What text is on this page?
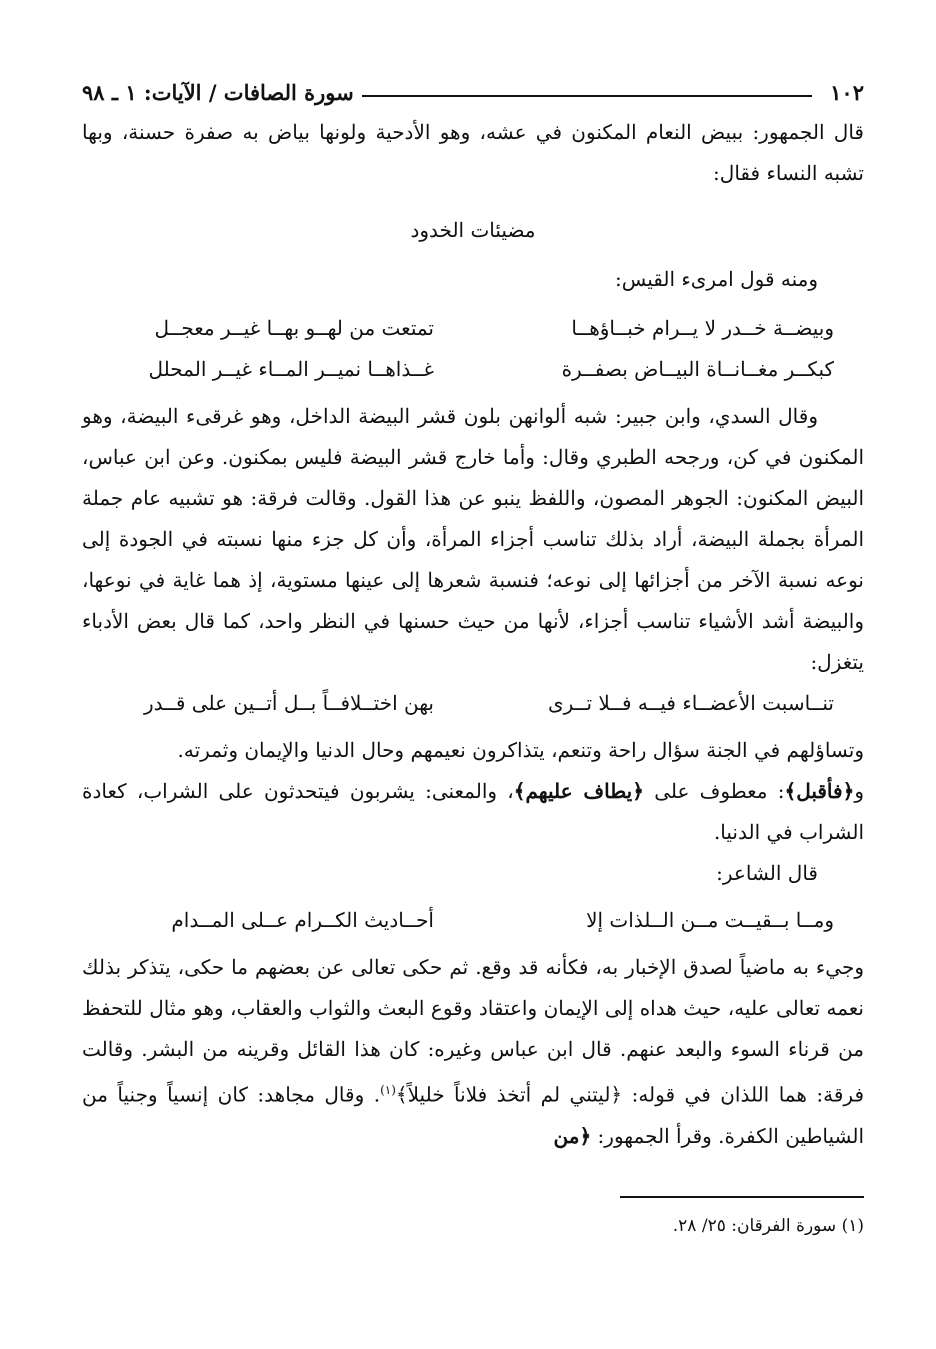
١٠٢
سورة الصافات / الآيات: ١ ـ ٩٨

قال الجمهور: ببيض النعام المكنون في عشه، وهو الأدحية ولونها بياض به صفرة حسنة، وبها تشبه النساء فقال:

مضيئات الخدود

ومنه قول امرىء القيس:

وبيضــة خــدر لا يــرام خبــاؤهــا
تمتعت من لهــو بهــا غيــر معجــل
كبكــر مغــانــاة البيــاض بصفــرة
غــذاهــا نميــر المــاء غيــر المحلل

وقال السدي، وابن جبير: شبه ألوانهن بلون قشر البيضة الداخل، وهو غرقىء البيضة، وهو المكنون في كن، ورجحه الطبري وقال: وأما خارج قشر البيضة فليس بمكنون. وعن ابن عباس، البيض المكنون: الجوهر المصون، واللفظ ينبو عن هذا القول. وقالت فرقة: هو تشبيه عام جملة المرأة بجملة البيضة، أراد بذلك تناسب أجزاء المرأة، وأن كل جزء منها نسبته في الجودة إلى نوعه نسبة الآخر من أجزائها إلى نوعه؛ فنسبة شعرها إلى عينها مستوية، إذ هما غاية في نوعها، والبيضة أشد الأشياء تناسب أجزاء، لأنها من حيث حسنها في النظر واحد، كما قال بعض الأدباء يتغزل:

تنــاسبت الأعضــاء فيــه فــلا تــرى
بهن اختــلافــاً بــل أتــين على قــدر

وتساؤلهم في الجنة سؤال راحة وتنعم، يتذاكرون نعيمهم وحال الدنيا والإيمان وثمرته.

و﴿فأقبل﴾: معطوف على ﴿يطاف عليهم﴾، والمعنى: يشربون فيتحدثون على الشراب، كعادة الشراب في الدنيا.

قال الشاعر:

ومــا بــقيــت مــن الــلذات إلا
أحــاديث الكــرام عــلى المــدام

وجيء به ماضياً لصدق الإخبار به، فكأنه قد وقع. ثم حكى تعالى عن بعضهم ما حكى، يتذكر بذلك نعمه تعالى عليه، حيث هداه إلى الإيمان واعتقاد وقوع البعث والثواب والعقاب، وهو مثال للتحفظ من قرناء السوء والبعد عنهم. قال ابن عباس وغيره: كان هذا القائل وقرينه من البشر. وقالت فرقة: هما اللذان في قوله: ﴿ليتني لم أتخذ فلاناً خليلاً﴾$^{(١)}$. وقال مجاهد: كان إنسياً وجنياً من الشياطين الكفرة. وقرأ الجمهور: ﴿من

(١) سورة الفرقان: ٢٥/ ٢٨.
